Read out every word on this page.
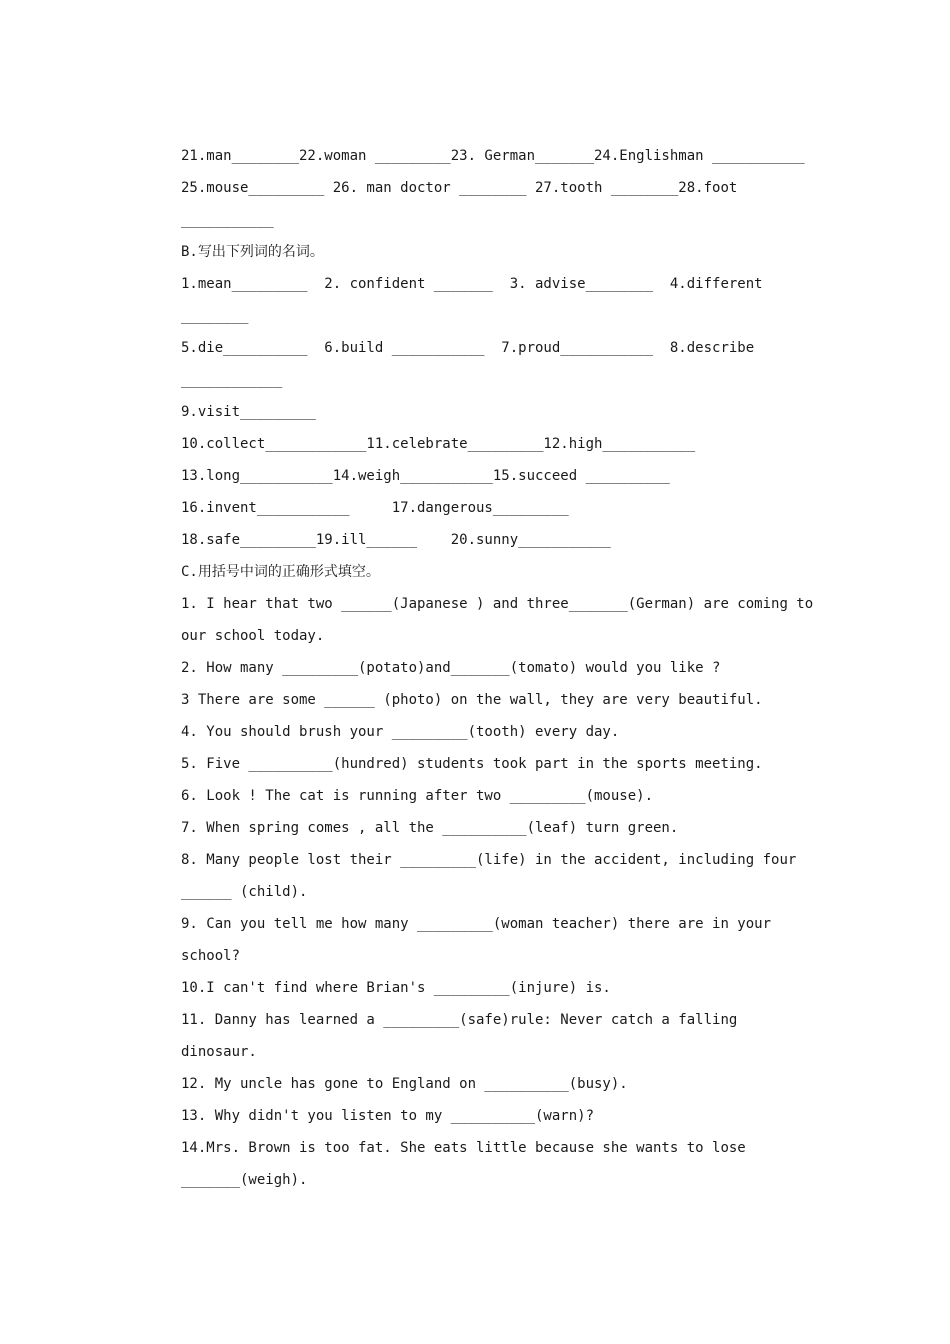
21.man________22.woman _________23. German_______24.Englishman ___________
25.mouse_________ 26. man doctor ________ 27.tooth ________28.foot
___________
B.写出下列词的名词。
1.mean_________  2. confident _______  3. advise________  4.different
________
5.die__________  6.build ___________  7.proud___________  8.describe
____________
9.visit_________
10.collect____________11.celebrate_________12.high___________
13.long___________14.weigh___________15.succeed __________
16.invent___________     17.dangerous_________
18.safe_________19.ill______    20.sunny___________
C.用括号中词的正确形式填空。
1. I hear that two ______(Japanese ) and three_______(German) are coming to
our school today.
2. How many _________(potato)and_______(tomato) would you like ?
3 There are some ______ (photo) on the wall, they are very beautiful.
4. You should brush your _________(tooth) every day.
5. Five __________(hundred) students took part in the sports meeting.
6. Look ! The cat is running after two _________(mouse).
7. When spring comes , all the __________(leaf) turn green.
8. Many people lost their _________(life) in the accident, including four
______ (child).
9. Can you tell me how many _________(woman teacher) there are in your
school?
10.I can't find where Brian's _________(injure) is.
11. Danny has learned a _________(safe)rule: Never catch a falling
dinosaur.
12. My uncle has gone to England on __________(busy).
13. Why didn't you listen to my __________(warn)?
14.Mrs. Brown is too fat. She eats little because she wants to lose
_______(weigh).
